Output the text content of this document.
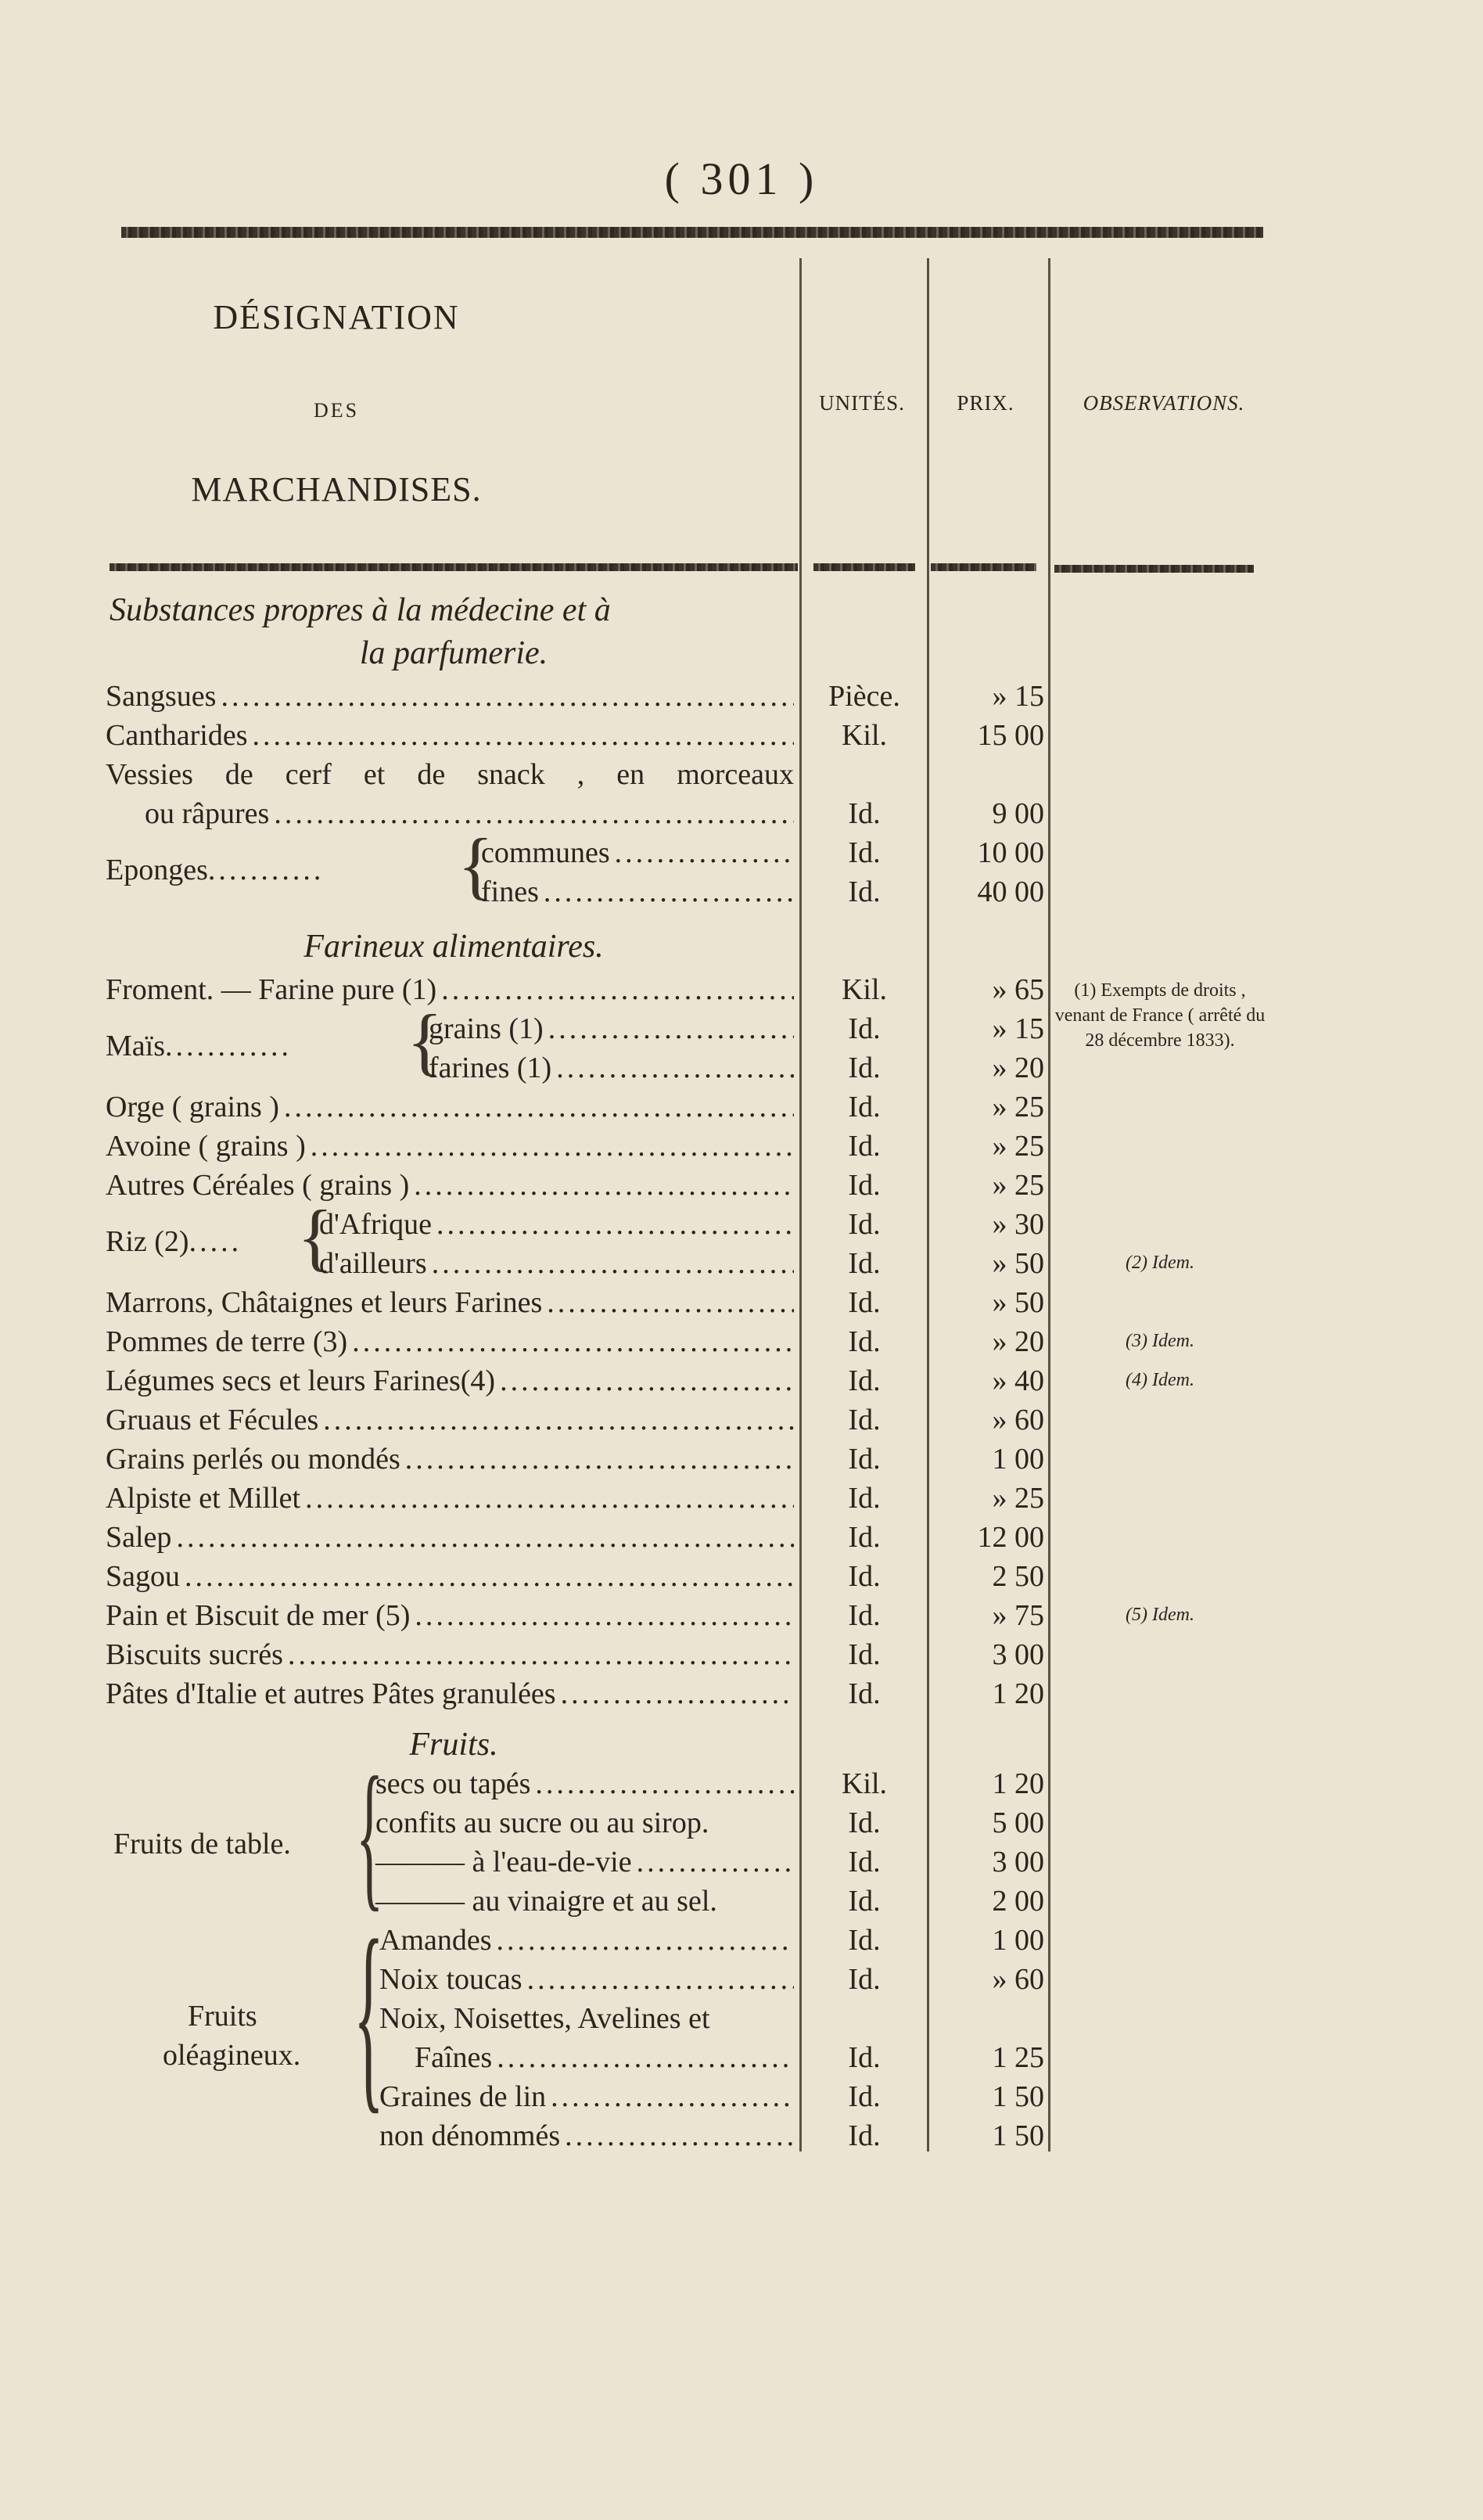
( 301 )
DÉSIGNATION
DES
MARCHANDISES.
UNITÉS.	PRIX.	OBSERVATIONS.
Substances propres à la médecine et à
la parfumerie.
Sangsues .....	Pièce.	» 15
Cantharides .....	Kil.	15 00
Vessies de cerf et de snack , en morceaux
ou râpures .....	Id.	9 00
Eponges........... {
communes .....	Id.	10 00
fines .....	Id.	40 00
Farineux alimentaires.
Froment. — Farine pure (1) .....	Kil.	» 65	(1) Exempts de droits , venant de France ( arrêté du 28 décembre 1833).
Maïs............ {
grains (1) .....	Id.	» 15
farines (1) .....	Id.	» 20
Orge ( grains ) .....	Id.	» 25
Avoine ( grains ) .....	Id.	» 25
Autres Céréales ( grains ) .....	Id.	» 25
Riz (2)..... {
d'Afrique .....	Id.	» 30
d'ailleurs .....	Id.	» 50	(2) Idem.
Marrons, Châtaignes et leurs Farines .....	Id.	» 50
Pommes de terre (3) .....	Id.	» 20	(3) Idem.
Légumes secs et leurs Farines(4) .....	Id.	» 40	(4) Idem.
Gruaus et Fécules .....	Id.	» 60
Grains perlés ou mondés .....	Id.	1 00
Alpiste et Millet .....	Id.	» 25
Salep .....	Id.	12 00
Sagou .....	Id.	2 50
Pain et Biscuit de mer (5) .....	Id.	» 75	(5) Idem.
Biscuits sucrés .....	Id.	3 00
Pâtes d'Italie et autres Pâtes granulées .....	Id.	1 20
Fruits.
Fruits de table. {
secs ou tapés .....	Kil.	1 20
confits au sucre ou au sirop.	Id.	5 00
——— à l'eau-de-vie .....	Id.	3 00
——— au vinaigre et au sel.	Id.	2 00
Fruits
oléagineux. {
Amandes .....	Id.	1 00
Noix toucas .....	Id.	» 60
Noix, Noisettes, Avelines et
Faînes .....	Id.	1 25
Graines de lin .....	Id.	1 50
non dénommés .....	Id.	1 50
